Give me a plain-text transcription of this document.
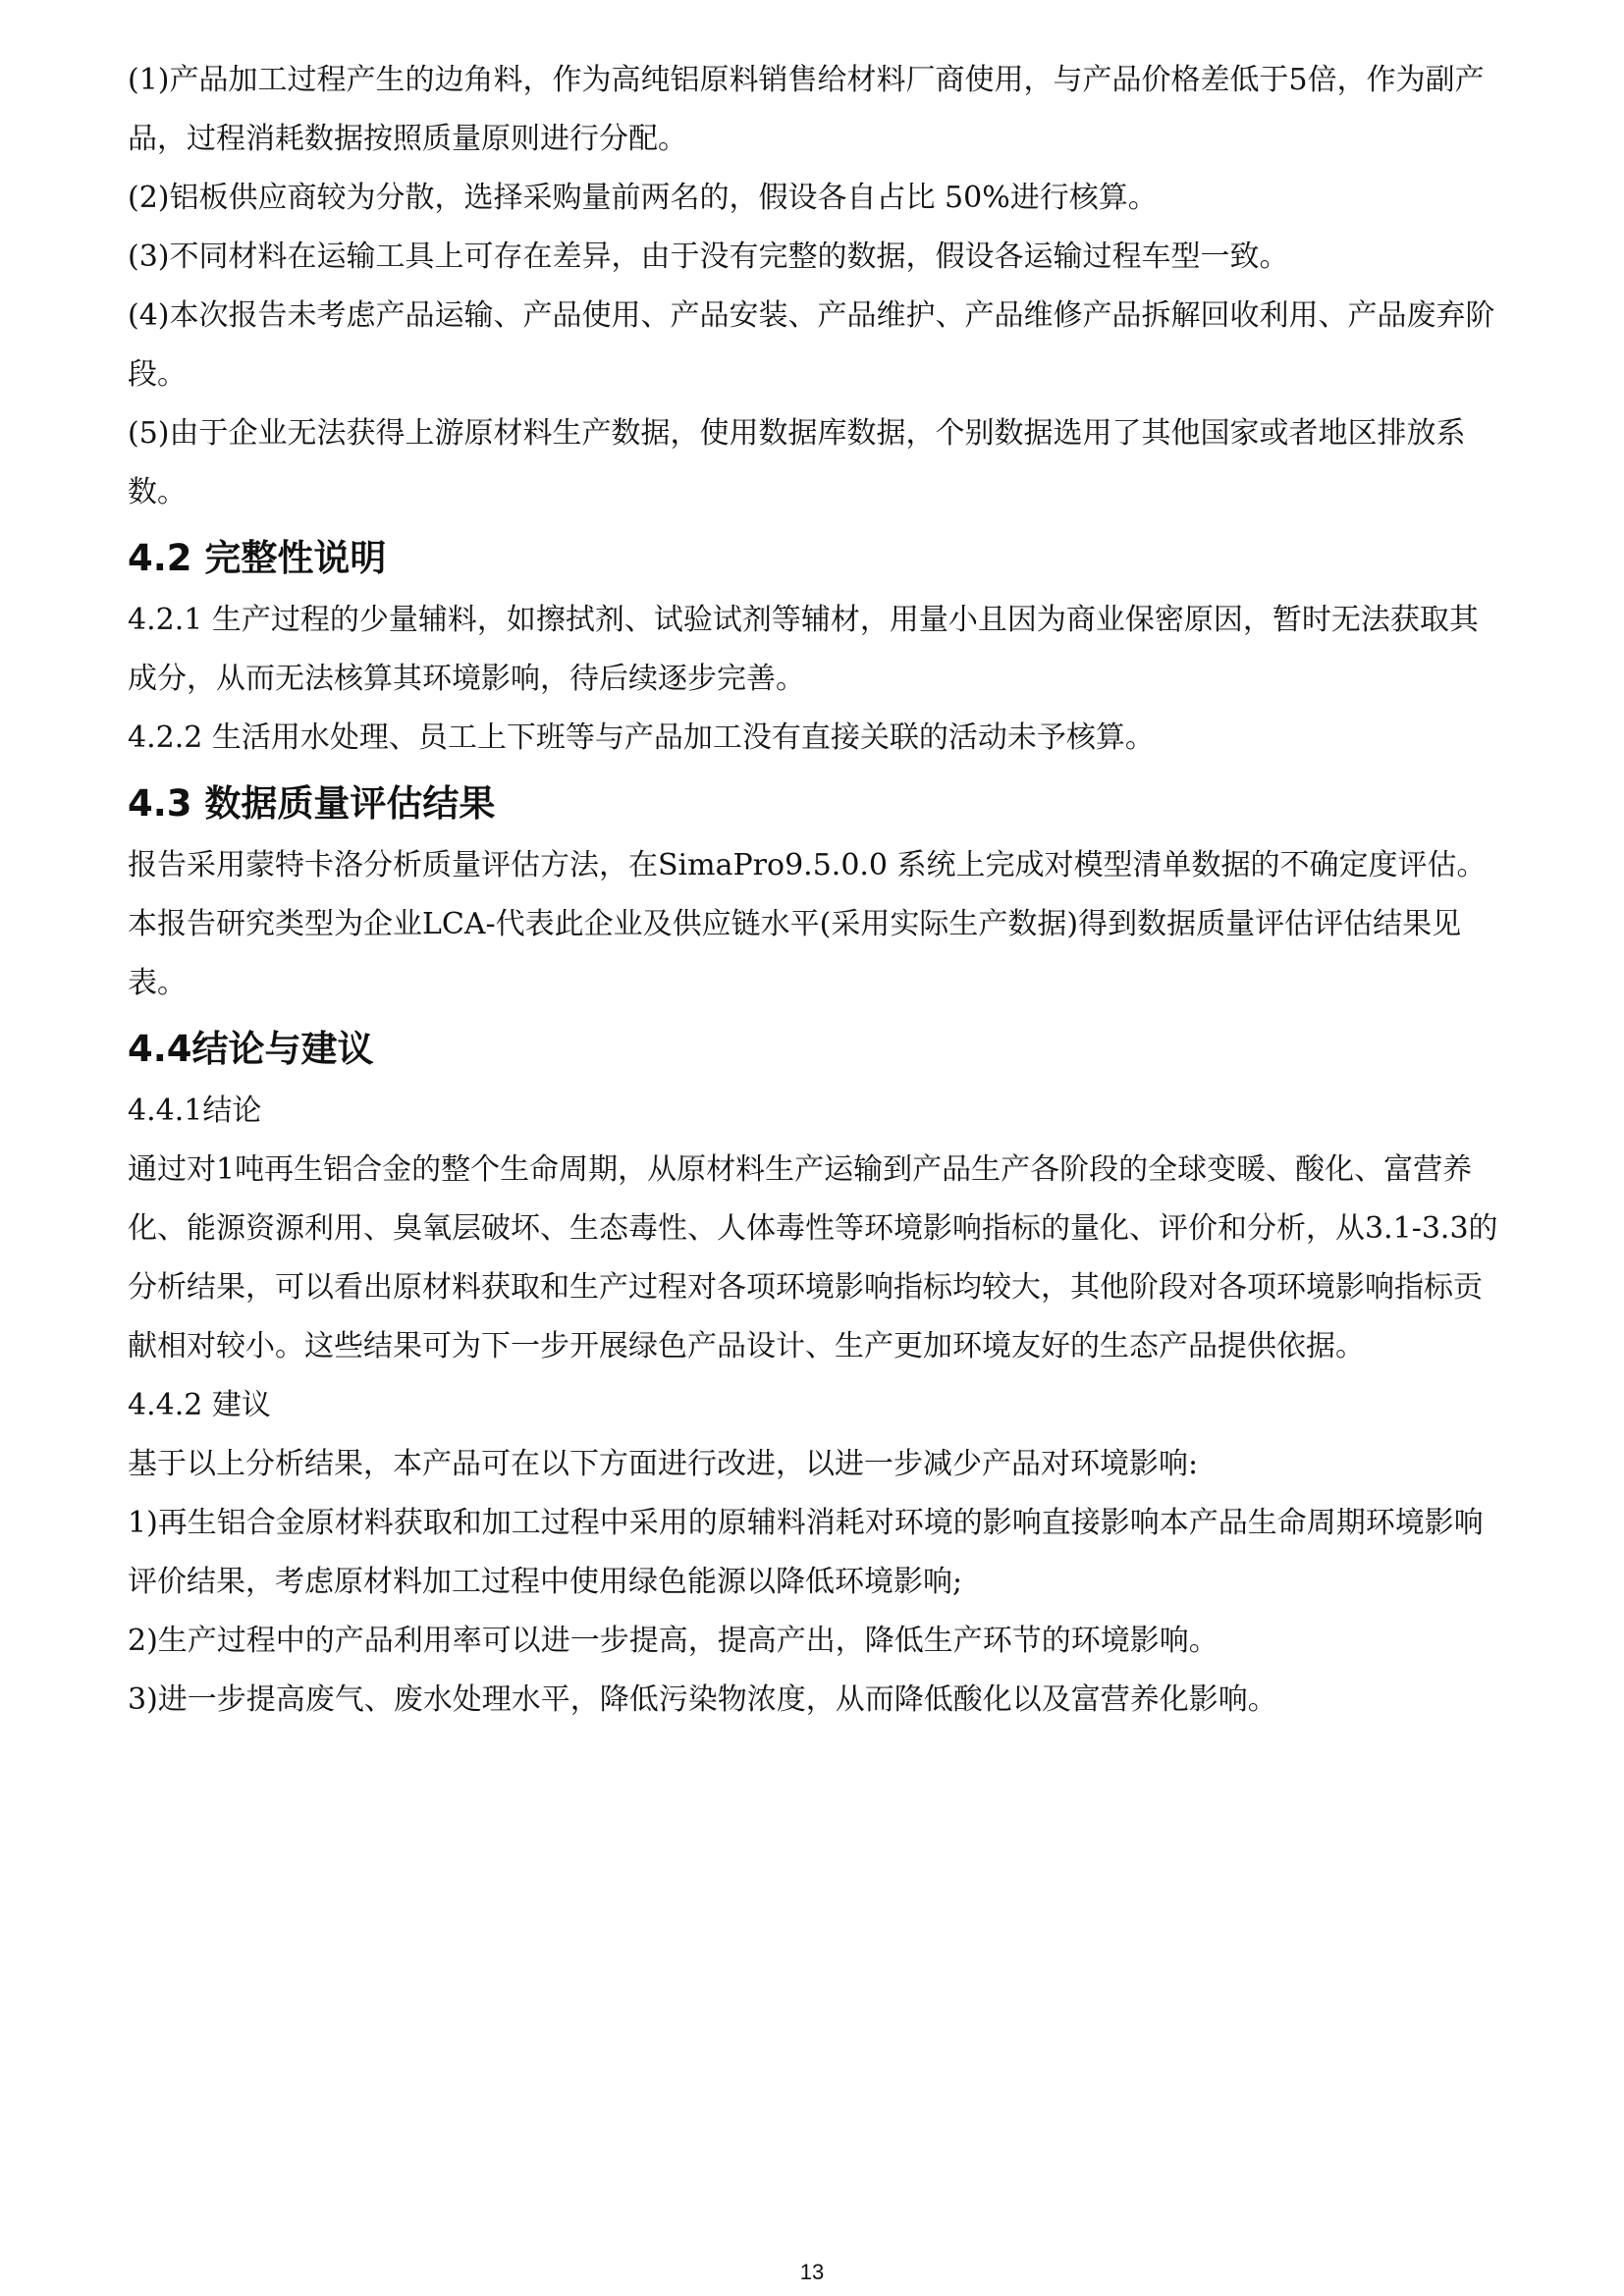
(1)产品加工过程产生的边角料，作为高纯铝原料销售给材料厂商使用，与产品价格差低于5倍，作为副产品，过程消耗数据按照质量原则进行分配。

(2)铝板供应商较为分散，选择采购量前两名的，假设各自占比 50%进行核算。

(3)不同材料在运输工具上可存在差异，由于没有完整的数据，假设各运输过程车型一致。

(4)本次报告未考虑产品运输、产品使用、产品安装、产品维护、产品维修产品拆解回收利用、产品废弃阶段。

(5)由于企业无法获得上游原材料生产数据，使用数据库数据，个别数据选用了其他国家或者地区排放系数。

4.2 完整性说明

4.2.1 生产过程的少量辅料，如擦拭剂、试验试剂等辅材，用量小且因为商业保密原因，暂时无法获取其成分，从而无法核算其环境影响，待后续逐步完善。

4.2.2 生活用水处理、员工上下班等与产品加工没有直接关联的活动未予核算。

4.3 数据质量评估结果

报告采用蒙特卡洛分析质量评估方法，在SimaPro9.5.0.0 系统上完成对模型清单数据的不确定度评估。本报告研究类型为企业LCA-代表此企业及供应链水平(采用实际生产数据)得到数据质量评估评估结果见表。

4.4结论与建议

4.4.1结论

通过对1吨再生铝合金的整个生命周期，从原材料生产运输到产品生产各阶段的全球变暖、酸化、富营养化、能源资源利用、臭氧层破坏、生态毒性、人体毒性等环境影响指标的量化、评价和分析，从3.1-3.3的分析结果，可以看出原材料获取和生产过程对各项环境影响指标均较大，其他阶段对各项环境影响指标贡献相对较小。这些结果可为下一步开展绿色产品设计、生产更加环境友好的生态产品提供依据。

4.4.2 建议

基于以上分析结果，本产品可在以下方面进行改进，以进一步减少产品对环境影响:

1)再生铝合金原材料获取和加工过程中采用的原辅料消耗对环境的影响直接影响本产品生命周期环境影响评价结果，考虑原材料加工过程中使用绿色能源以降低环境影响;

2)生产过程中的产品利用率可以进一步提高，提高产出，降低生产环节的环境影响。

3)进一步提高废气、废水处理水平，降低污染物浓度，从而降低酸化以及富营养化影响。

13
